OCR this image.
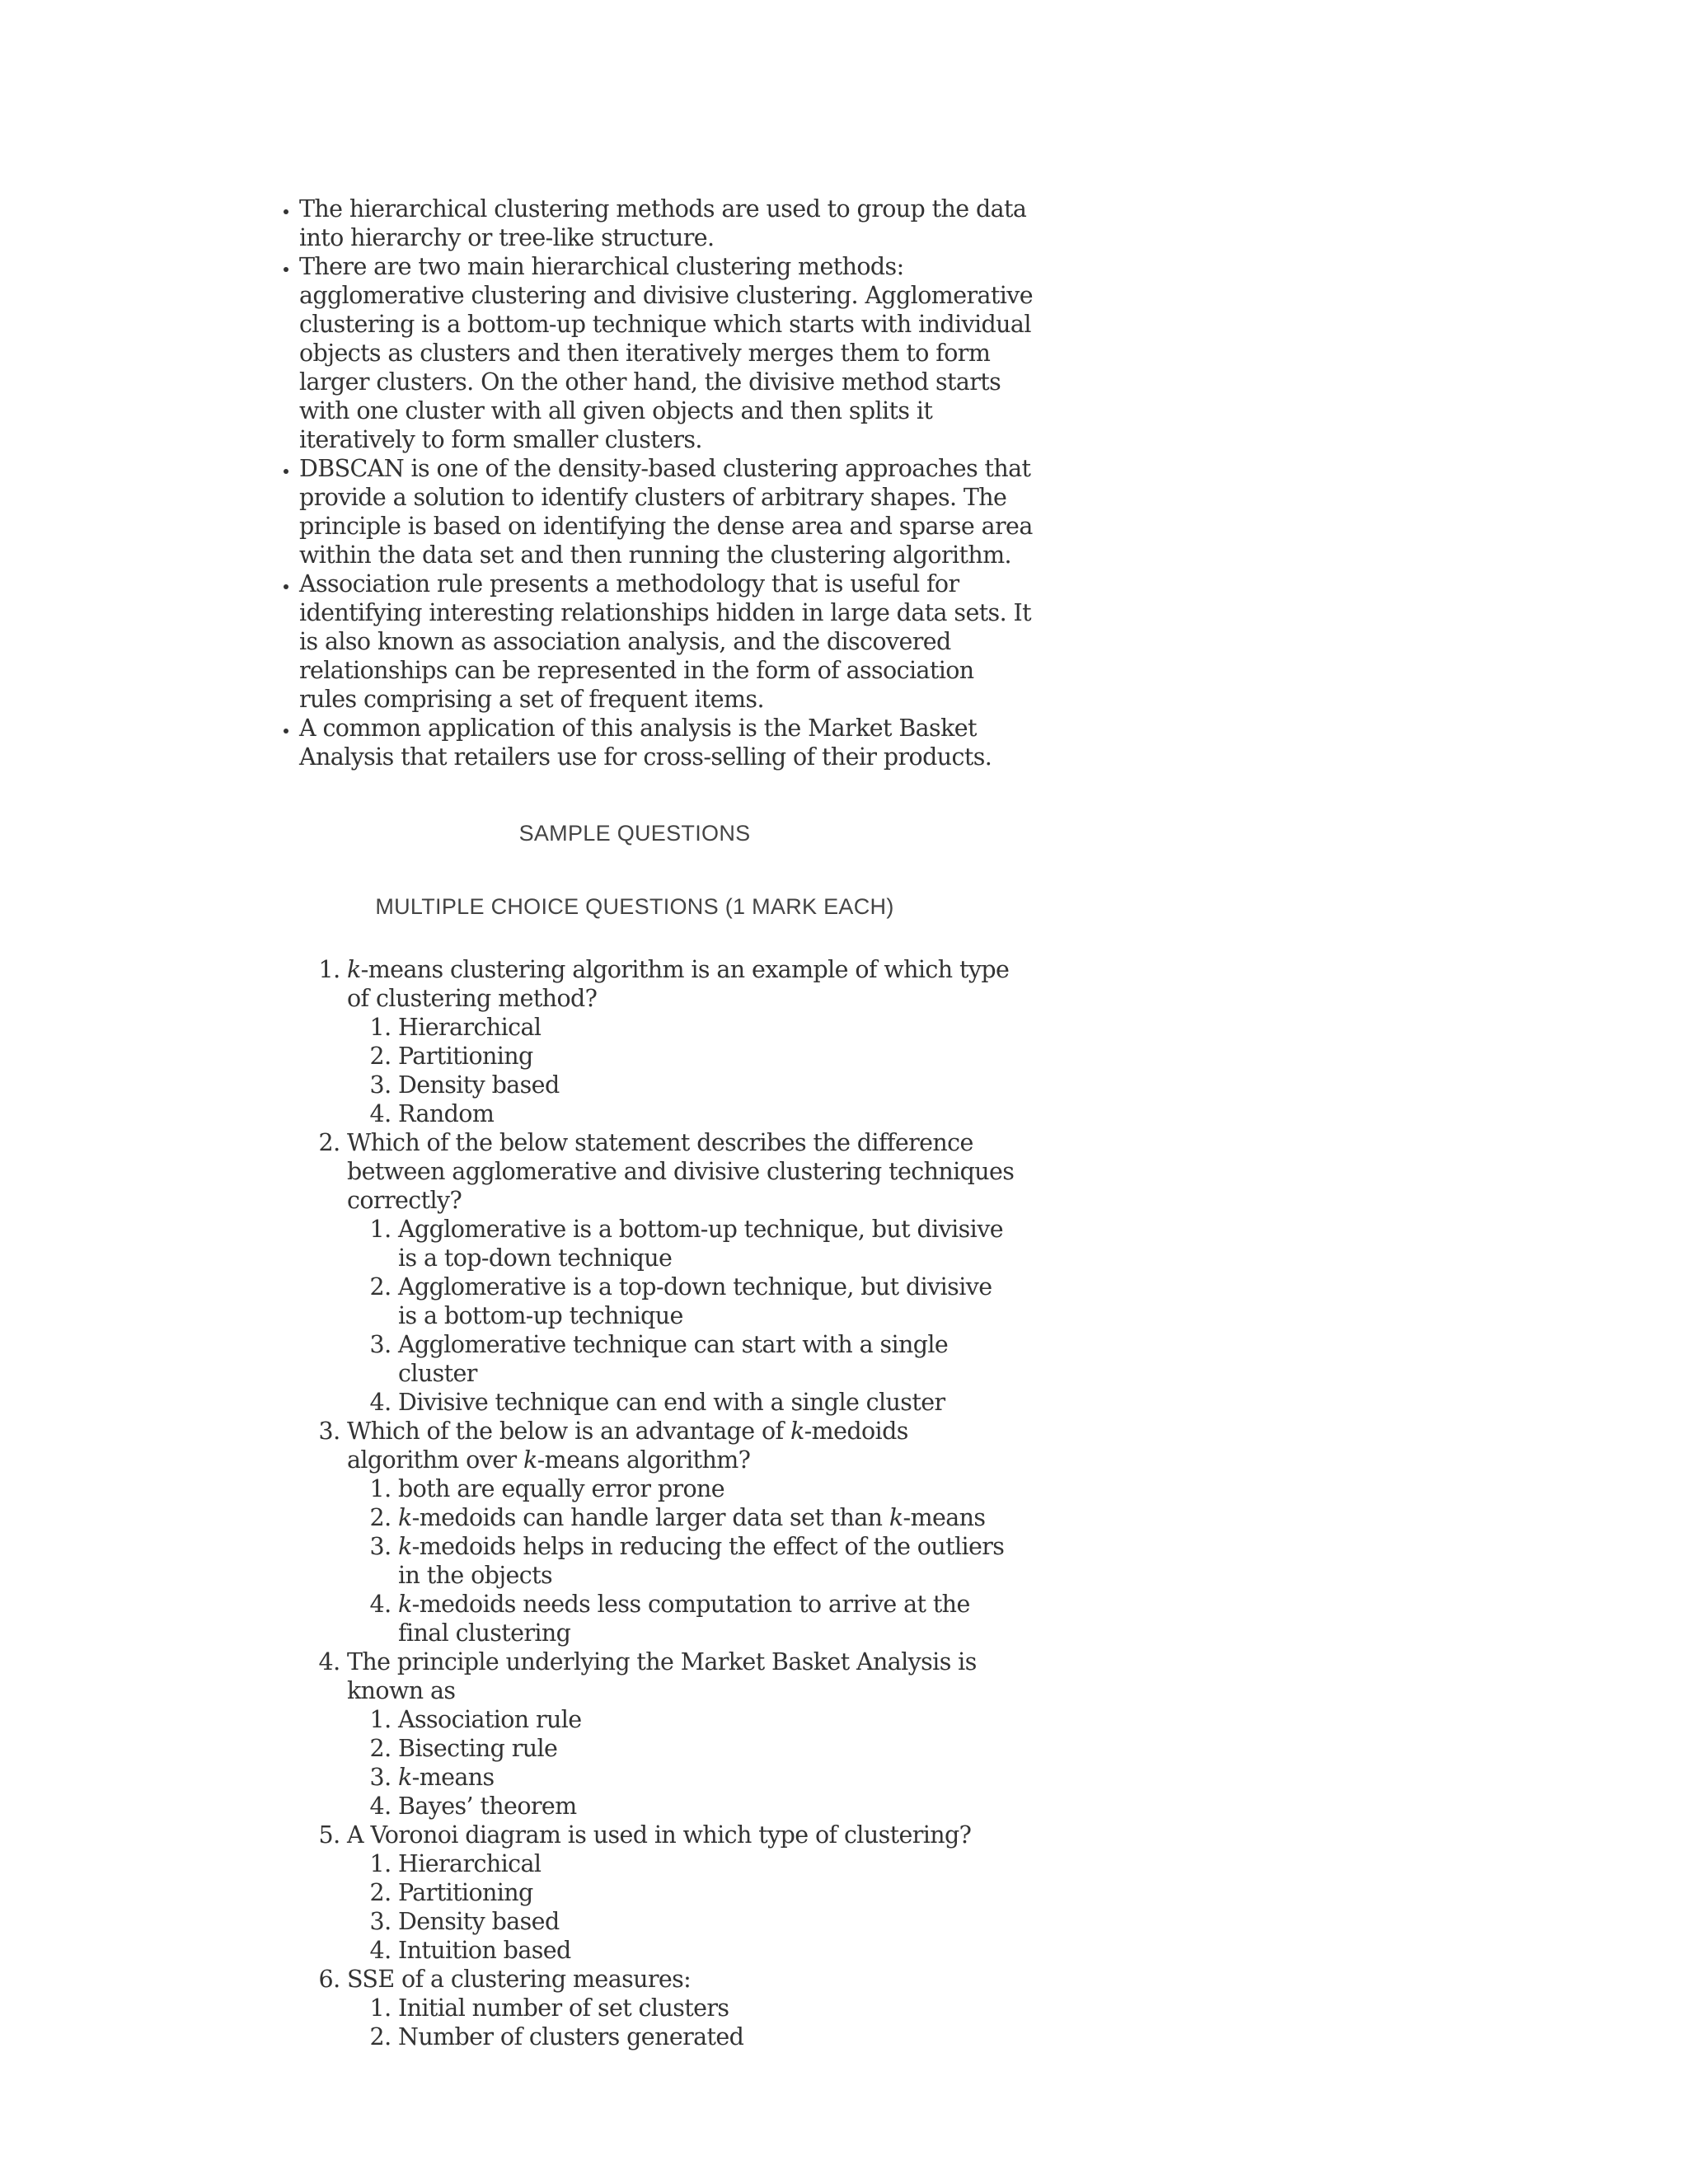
• The hierarchical clustering methods are used to group the data into hierarchy or tree-like structure.
• There are two main hierarchical clustering methods: agglomerative clustering and divisive clustering. Agglomerative clustering is a bottom-up technique which starts with individual objects as clusters and then iteratively merges them to form larger clusters. On the other hand, the divisive method starts with one cluster with all given objects and then splits it iteratively to form smaller clusters.
• DBSCAN is one of the density-based clustering approaches that provide a solution to identify clusters of arbitrary shapes. The principle is based on identifying the dense area and sparse area within the data set and then running the clustering algorithm.
• Association rule presents a methodology that is useful for identifying interesting relationships hidden in large data sets. It is also known as association analysis, and the discovered relationships can be represented in the form of association rules comprising a set of frequent items.
• A common application of this analysis is the Market Basket Analysis that retailers use for cross-selling of their products.
SAMPLE QUESTIONS
MULTIPLE CHOICE QUESTIONS (1 MARK EACH)
1. k-means clustering algorithm is an example of which type of clustering method?
1. Hierarchical
2. Partitioning
3. Density based
4. Random
2. Which of the below statement describes the difference between agglomerative and divisive clustering techniques correctly?
1. Agglomerative is a bottom-up technique, but divisive is a top-down technique
2. Agglomerative is a top-down technique, but divisive is a bottom-up technique
3. Agglomerative technique can start with a single cluster
4. Divisive technique can end with a single cluster
3. Which of the below is an advantage of k-medoids algorithm over k-means algorithm?
1. both are equally error prone
2. k-medoids can handle larger data set than k-means
3. k-medoids helps in reducing the effect of the outliers in the objects
4. k-medoids needs less computation to arrive at the final clustering
4. The principle underlying the Market Basket Analysis is known as
1. Association rule
2. Bisecting rule
3. k-means
4. Bayes’ theorem
5. A Voronoi diagram is used in which type of clustering?
1. Hierarchical
2. Partitioning
3. Density based
4. Intuition based
6. SSE of a clustering measures:
1. Initial number of set clusters
2. Number of clusters generated
